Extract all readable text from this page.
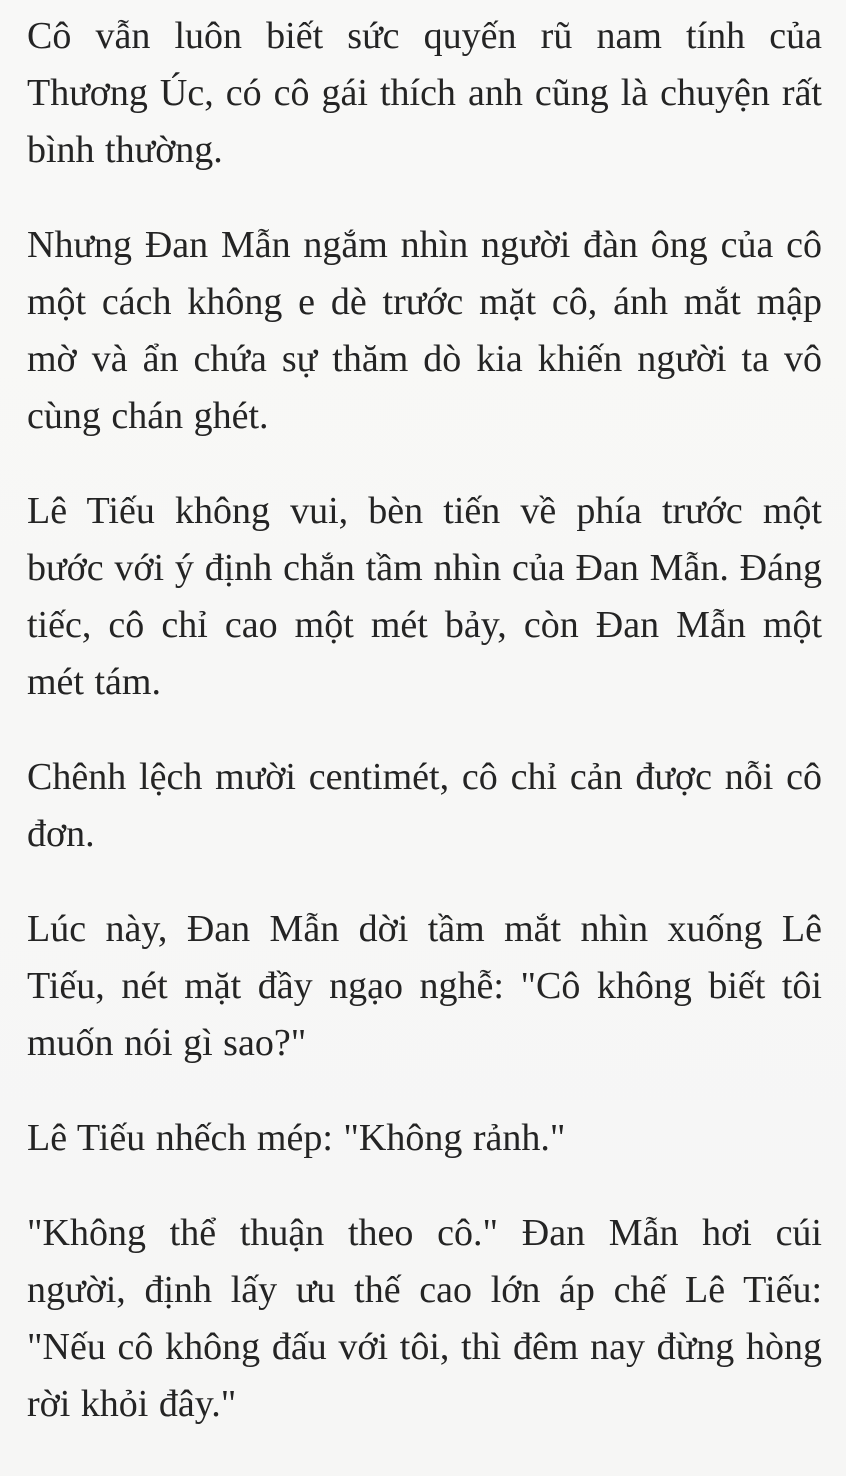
Cô vẫn luôn biết sức quyến rũ nam tính của Thương Úc, có cô gái thích anh cũng là chuyện rất bình thường.

Nhưng Đan Mẫn ngắm nhìn người đàn ông của cô một cách không e dè trước mặt cô, ánh mắt mập mờ và ẩn chứa sự thăm dò kia khiến người ta vô cùng chán ghét.

Lê Tiếu không vui, bèn tiến về phía trước một bước với ý định chắn tầm nhìn của Đan Mẫn. Đáng tiếc, cô chỉ cao một mét bảy, còn Đan Mẫn một mét tám.

Chênh lệch mười centimét, cô chỉ cản được nỗi cô đơn.

Lúc này, Đan Mẫn dời tầm mắt nhìn xuống Lê Tiếu, nét mặt đầy ngạo nghễ: "Cô không biết tôi muốn nói gì sao?"

Lê Tiếu nhếch mép: "Không rảnh."

"Không thể thuận theo cô." Đan Mẫn hơi cúi người, định lấy ưu thế cao lớn áp chế Lê Tiếu: "Nếu cô không đấu với tôi, thì đêm nay đừng hòng rời khỏi đây."
